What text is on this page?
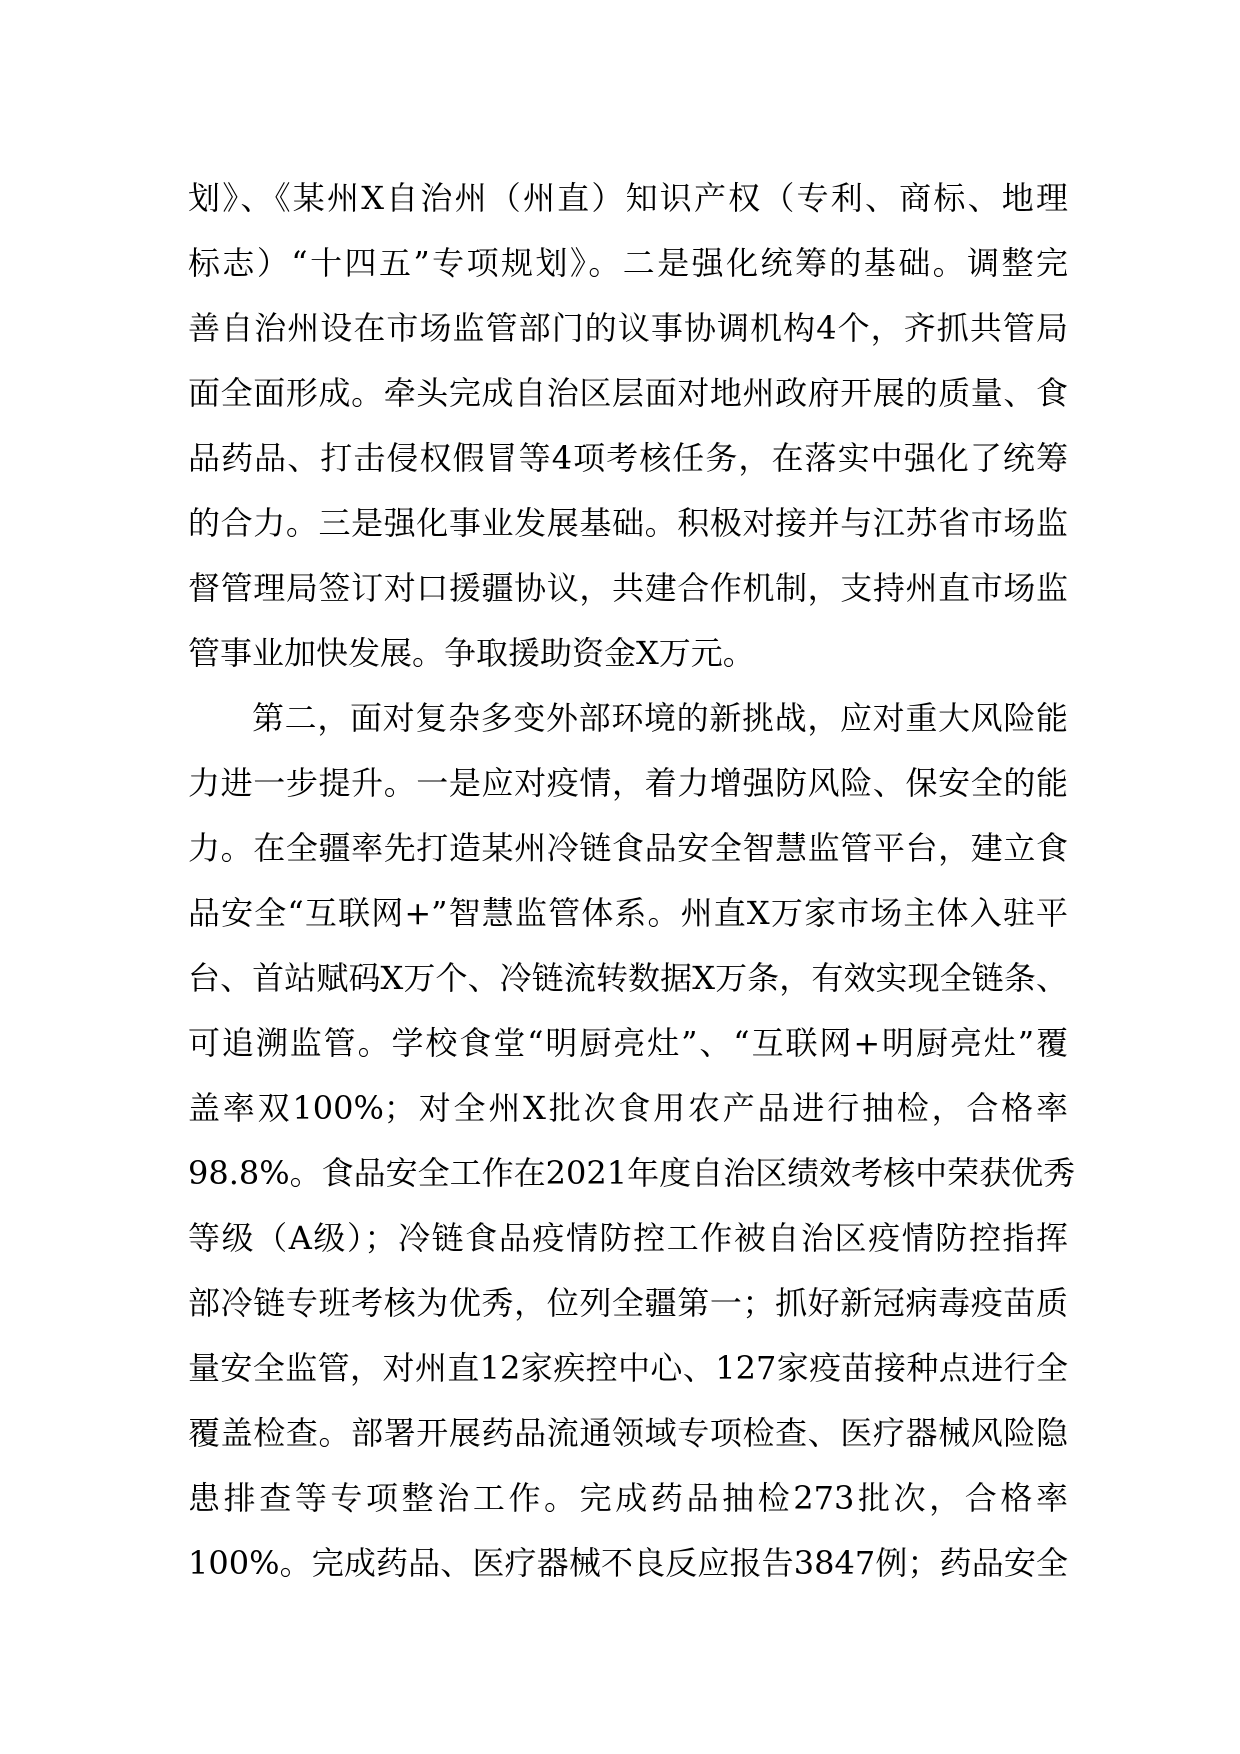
划》、《某州X自治州（州直）知识产权（专利、商标、地理
标志）“十四五”专项规划》。二是强化统筹的基础。调整完
善自治州设在市场监管部门的议事协调机构4个，齐抓共管局
面全面形成。牵头完成自治区层面对地州政府开展的质量、食
品药品、打击侵权假冒等4项考核任务，在落实中强化了统筹
的合力。三是强化事业发展基础。积极对接并与江苏省市场监
督管理局签订对口援疆协议，共建合作机制，支持州直市场监
管事业加快发展。争取援助资金X万元。
第二，面对复杂多变外部环境的新挑战，应对重大风险能
力进一步提升。一是应对疫情，着力增强防风险、保安全的能
力。在全疆率先打造某州冷链食品安全智慧监管平台，建立食
品安全“互联网+”智慧监管体系。州直X万家市场主体入驻平
台、首站赋码X万个、冷链流转数据X万条，有效实现全链条、
可追溯监管。学校食堂“明厨亮灶”、“互联网+明厨亮灶”覆
盖率双100%；对全州X批次食用农产品进行抽检，合格率
98.8%。食品安全工作在2021年度自治区绩效考核中荣获优秀
等级（A级）；冷链食品疫情防控工作被自治区疫情防控指挥
部冷链专班考核为优秀，位列全疆第一；抓好新冠病毒疫苗质
量安全监管，对州直12家疾控中心、127家疫苗接种点进行全
覆盖检查。部署开展药品流通领域专项检查、医疗器械风险隐
患排查等专项整治工作。完成药品抽检273批次，合格率
100%。完成药品、医疗器械不良反应报告3847例；药品安全
